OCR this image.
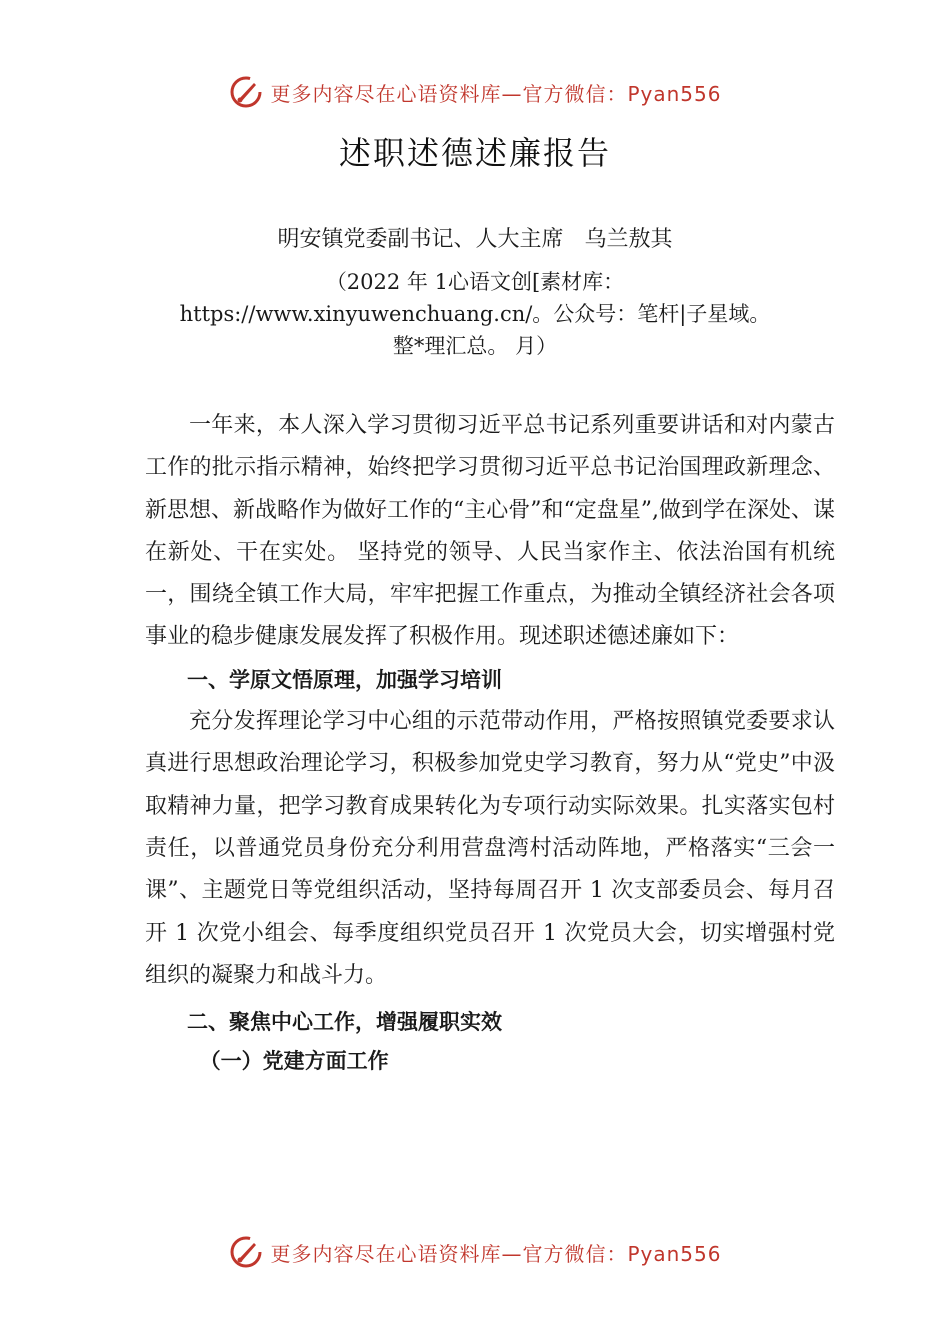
更多内容尽在心语资料库—官方微信：Pyan556
述职述德述廉报告
明安镇党委副书记、人大主席   乌兰敖其
（2022 年 1心语文创[素材库：
https://www.xinyuwenchuang.cn/。公众号：笔杆|子星域。
整*理汇总。 月）

一年来，本人深入学习贯彻习近平总书记系列重要讲话和对内蒙古工作的批示指示精神，始终把学习贯彻习近平总书记治国理政新理念、新思想、新战略作为做好工作的“主心骨”和“定盘星”,做到学在深处、谋在新处、干在实处。 坚持党的领导、人民当家作主、依法治国有机统一，围绕全镇工作大局，牢牢把握工作重点，为推动全镇经济社会各项 事业的稳步健康发展发挥了积极作用。现述职述德述廉如下：

一、学原文悟原理，加强学习培训

充分发挥理论学习中心组的示范带动作用，严格按照镇党委要求认真进行思想政治理论学习，积极参加党史学习教育，努力从“党史”中汲取精神力量，把学习教育成果转化为专项行动实际效果。扎实落实包村责任，以普通党员身份充分利用营盘湾村活动阵地，严格落实“三会一课”、主题党日等党组织活动，坚持每周召开 1 次支部委员会、每月召开 1 次党小组会、每季度组织党员召开 1 次党员大会，切实增强村党组织的凝聚力和战斗力。

二、聚焦中心工作，增强履职实效
（一）党建方面工作
更多内容尽在心语资料库—官方微信：Pyan556
